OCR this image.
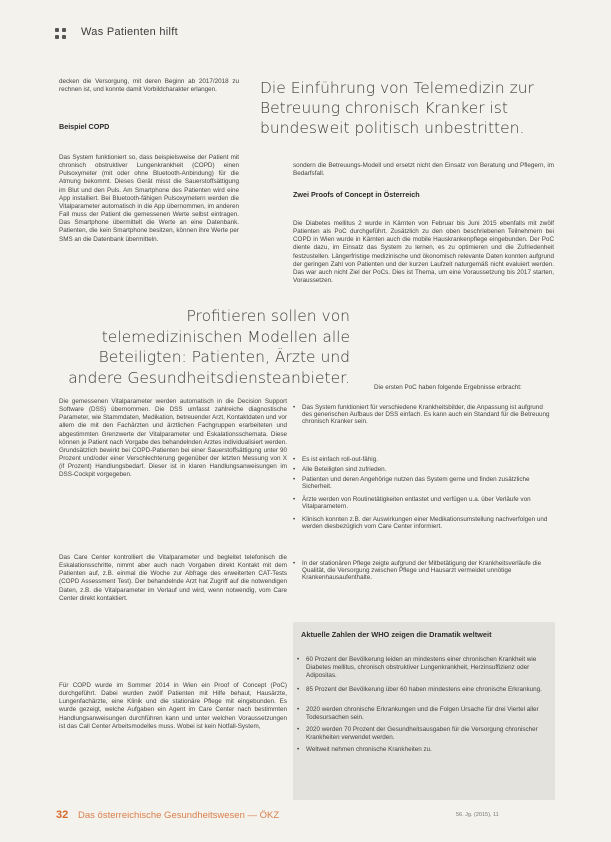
Was Patienten hilft

decken die Versorgung, mit deren Beginn ab 2017/2018 zu rechnen ist, und konnte damit Vorbildcharakter erlangen.

Beispiel COPD

Das System funktioniert so, dass beispielsweise der Patient mit chronisch obstruktiver Lungenkrankheit (COPD) einen Pulsoxymeter (mit oder ohne Bluetooth-Anbindung) für die Atmung bekommt. Dieses Gerät misst die Sauerstoffsättigung im Blut und den Puls. Am Smartphone des Patienten wird eine App installiert. Bei Bluetooth-fähigen Pulsoxymetern werden die Vitalparameter automatisch in die App übernommen, im anderen Fall muss der Patient die gemessenen Werte selbst eintragen. Das Smartphone übermittelt die Werte an eine Datenbank. Patienten, die kein Smartphone besitzen, können ihre Werte per SMS an die Datenbank übermitteln.

Die Einführung von Telemedizin zur Betreuung chronisch Kranker ist bundesweit politisch unbestritten.

sondern die Betreuungs-Modell und ersetzt nicht den Einsatz von Beratung und Pflegern, im Bedarfsfall.

Zwei Proofs of Concept in Österreich

Die Diabetes mellitus 2 wurde in Kärnten von Februar bis Juni 2015 ebenfalls mit zwölf Patienten als PoC durchgeführt. Zusätzlich zu den oben beschriebenen Teilnehmern bei COPD in Wien wurde in Kärnten auch die mobile Hauskrankenpflege eingebunden. Der PoC diente dazu, im Einsatz das System zu lernen, es zu optimieren und die Zufriedenheit festzustellen. Längerfristige medizinische und ökonomisch relevante Daten konnten aufgrund der geringen Zahl von Patienten und der kurzen Laufzeit naturgemäß nicht evaluiert werden. Das war auch nicht Ziel der PoCs. Dies ist Thema, um eine Voraussetzung bis 2017 starten, Voraussetzen.

Profitieren sollen von telemedizinischen Modellen alle Beteiligten: Patienten, Ärzte und andere Gesundheitsdiensteanbieter.

Die gemessenen Vitalparameter werden automatisch in die Decision Support Software (DSS) übernommen. Die DSS umfasst zahlreiche diagnostische Parameter, wie Stammdaten, Medikation, betreuender Arzt, Kontaktdaten und vor allem die mit den Fachärzten und ärztlichen Fachgruppen erarbeiteten und abgestimmten Grenzwerte der Vitalparameter und Eskalationsschemata. Diese können je Patient nach Vorgabe des behandelnden Arztes individualisiert werden. Grundsätzlich bewirkt bei COPD-Patienten bei einer Sauerstoffsättigung unter 90 Prozent und/oder einer Verschlechterung gegenüber der letzten Messung von X (if Prozent) Handlungsbedarf. Dieser ist in klaren Handlungsanweisungen im DSS-Cockpit vorgegeben.

Das Care Center kontrolliert die Vitalparameter und begleitet telefonisch die Eskalationsschritte, nimmt aber auch nach Vorgaben direkt Kontakt mit dem Patienten auf, z.B. einmal die Woche zur Abfrage des erweiterten CAT-Tests (COPD Assessment Test). Der behandelnde Arzt hat Zugriff auf die notwendigen Daten, z.B. die Vitalparameter im Verlauf und wird, wenn notwendig, vom Care Center direkt kontaktiert.

Für COPD wurde im Sommer 2014 in Wien ein Proof of Concept (PoC) durchgeführt. Dabei wurden zwölf Patienten mit Hilfe behaut, Hausärzte, Lungenfachärzte, eine Klinik und die stationäre Pflege mit eingebunden. Es wurde gezeigt, welche Aufgaben ein Agent im Care Center nach bestimmten Handlungsanweisungen durchführen kann und unter welchen Voraussetzungen ist das Call Center Arbeitsmodelles muss. Wobei ist kein Notfall-System,

Die ersten PoC haben folgende Ergebnisse erbracht:

• Das System funktioniert für verschiedene Krankheitsbilder, die Anpassung ist aufgrund des generischen Aufbaus der DSS einfach. Es kann auch ein Standard für die Betreuung chronisch Kranker sein.

• Es ist einfach roll-out-fähig.

• Alle Beteiligten sind zufrieden.

• Patienten und deren Angehörige nutzen das System gerne und finden zusätzliche Sicherheit.

• Ärzte werden von Routinetätigkeiten entlastet und verfügen u.a. über Verläufe von Vitalparametern.

• Klinisch konnten z.B. der Auswirkungen einer Medikationsumstellung nachverfolgen und werden diesbezüglich vom Care Center informiert.

• In der stationären Pflege zeigte aufgrund der Mitbetätigung der Krankheitsverläufe die Qualität, die Versorgung zwischen Pflege und Hausarzt vermeidet unnötige Krankenhausaufenthalte.

Aktuelle Zahlen der WHO zeigen die Dramatik weltweit

• 60 Prozent der Bevölkerung leiden an mindestens einer chronischen Krankheit wie Diabetes mellitus, chronisch obstruktiver Lungenkrankheit, Herzinsuffizienz oder Adipositas.

• 85 Prozent der Bevölkerung über 60 haben mindestens eine chronische Erkrankung.

• 2020 werden chronische Erkrankungen und die Folgen Ursache für drei Viertel aller Todesursachen sein.

• 2020 werden 70 Prozent der Gesundheitsausgaben für die Versorgung chronischer Krankheiten verwendet werden.

• Weltweit nehmen chronische Krankheiten zu.

32 Das österreichische Gesundheitswesen — ÖKZ	56. Jg. (2015), 11
